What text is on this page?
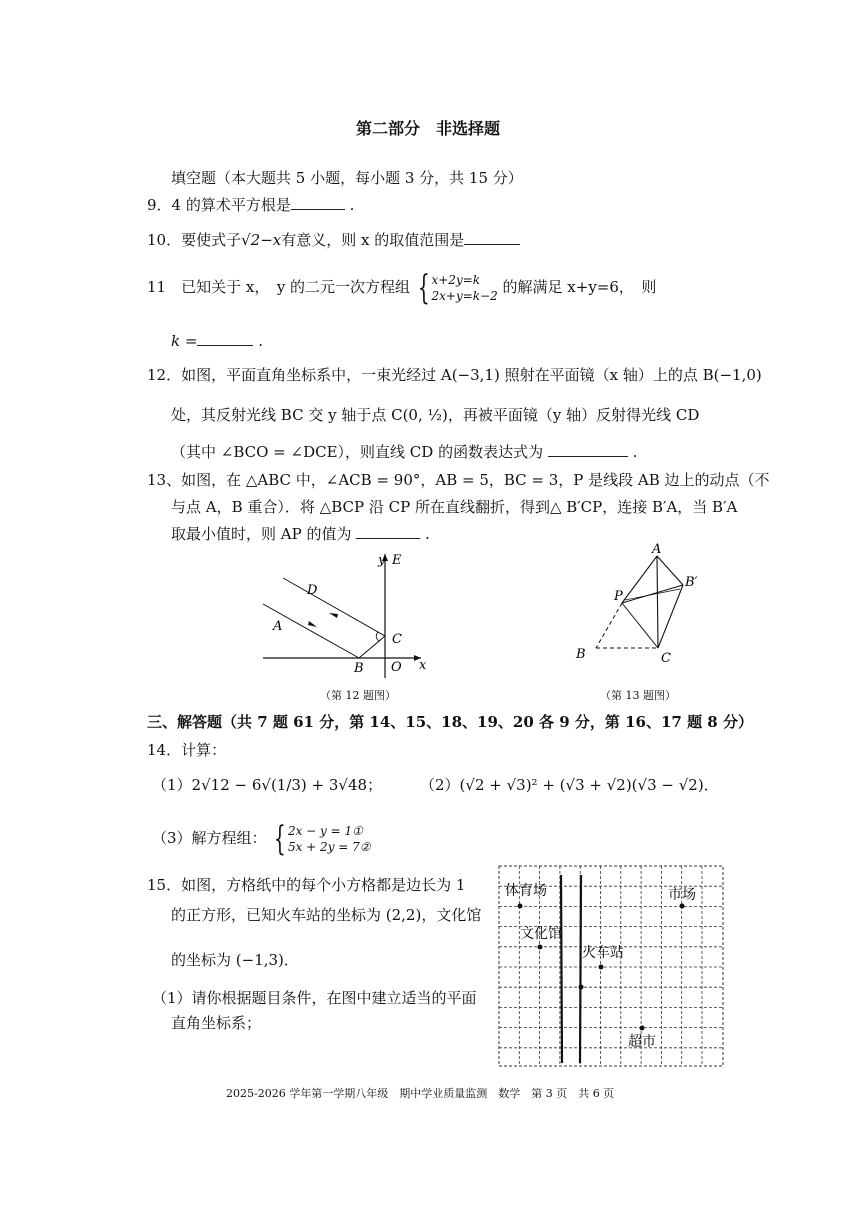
第二部分　非选择题
填空题（本大题共 5 小题，每小题 3 分，共 15 分）
9．4 的算术平方根是	.
10．要使式子√2−x有意义，则 x 的取值范围是
11　已知关于 x，　y 的二元一次方程组 { x+2y=k
2x+y=k−2 的解满足 x+y=6，　则
k =	.
12．如图，平面直角坐标系中，一束光经过 A(−3,1) 照射在平面镜（x 轴）上的点 B(−1,0)
处，其反射光线 BC 交 y 轴于点 C(0, ½)，再被平面镜（y 轴）反射得光线 CD
（其中 ∠BCO = ∠DCE），则直线 CD 的函数表达式为	.
13、如图，在 △ABC 中，∠ACB = 90°，AB = 5，BC = 3，P 是线段 AB 边上的动点（不
与点 A，B 重合）．将 △BCP 沿 CP 所在直线翻折，得到△ B′CP，连接 B′A，当 B′A
取最小值时，则 AP 的值为	.
y E
D
A
C
B O x
（第 12 题图）
A
B′
P
B	C
（第 13 题图）
三、解答题（共 7 题 61 分，第 14、15、18、19、20 各 9 分，第 16、17 题 8 分）
14．计算：
（1）2√12 − 6√(1/3) + 3√48；	（2）(√2 + √3)² + (√3 + √2)(√3 − √2)．
（3）解方程组： { 2x − y = 1①
5x + 2y = 7②
15．如图，方格纸中的每个小方格都是边长为 1
的正方形，已知火车站的坐标为 (2,2)，文化馆
的坐标为 (−1,3)．
（1）请你根据题目条件，在图中建立适当的平面
直角坐标系；
体育场	市场
文化馆
火车站
超市
2025-2026 学年第一学期八年级　期中学业质量监测　数学　第 3 页　共 6 页
